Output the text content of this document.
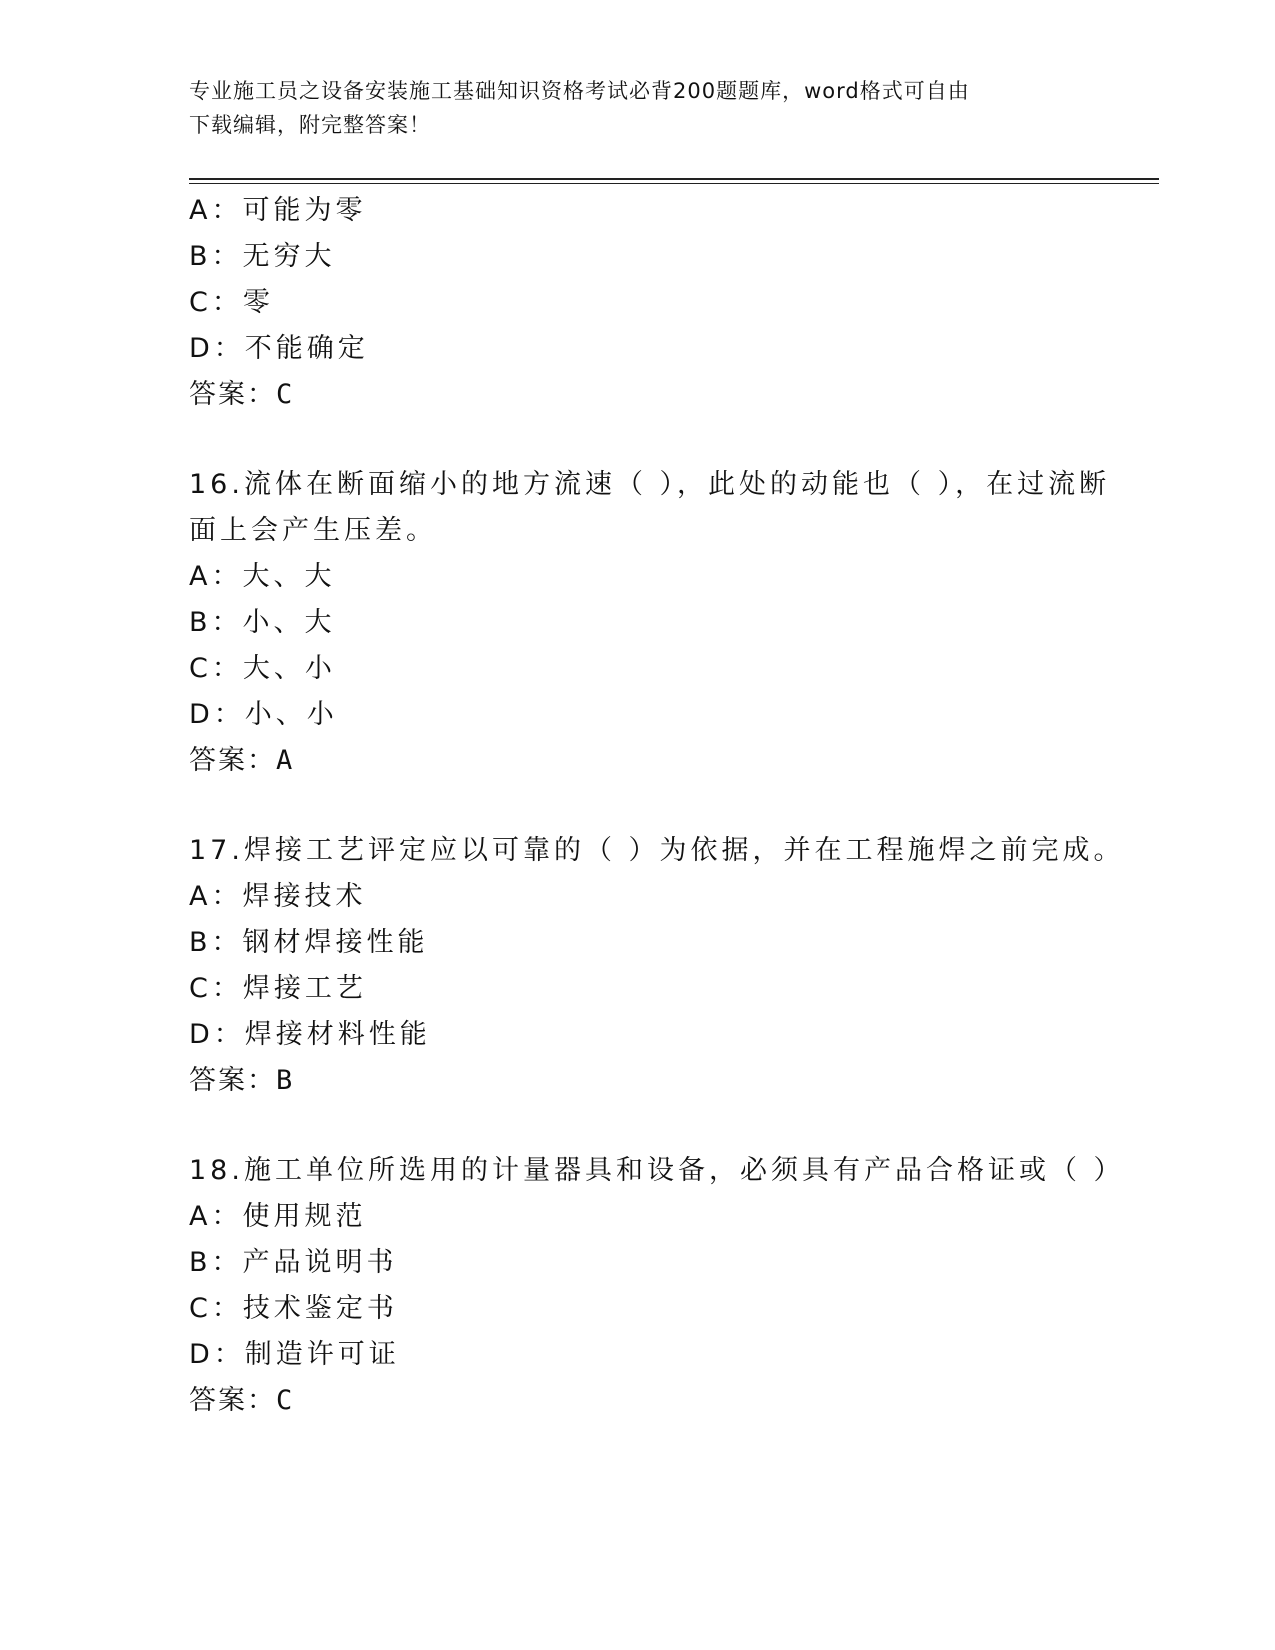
专业施工员之设备安装施工基础知识资格考试必背200题题库，word格式可自由
下载编辑，附完整答案！
A：可能为零
B：无穷大
C：零
D：不能确定
答案：C
16.流体在断面缩小的地方流速（ ），此处的动能也（ ），在过流断
面上会产生压差。
A：大、大
B：小、大
C：大、小
D：小、小
答案：A
17.焊接工艺评定应以可靠的（ ）为依据，并在工程施焊之前完成。
A：焊接技术
B：钢材焊接性能
C：焊接工艺
D：焊接材料性能
答案：B
18.施工单位所选用的计量器具和设备，必须具有产品合格证或（ ）
A：使用规范
B：产品说明书
C：技术鉴定书
D：制造许可证
答案：C
